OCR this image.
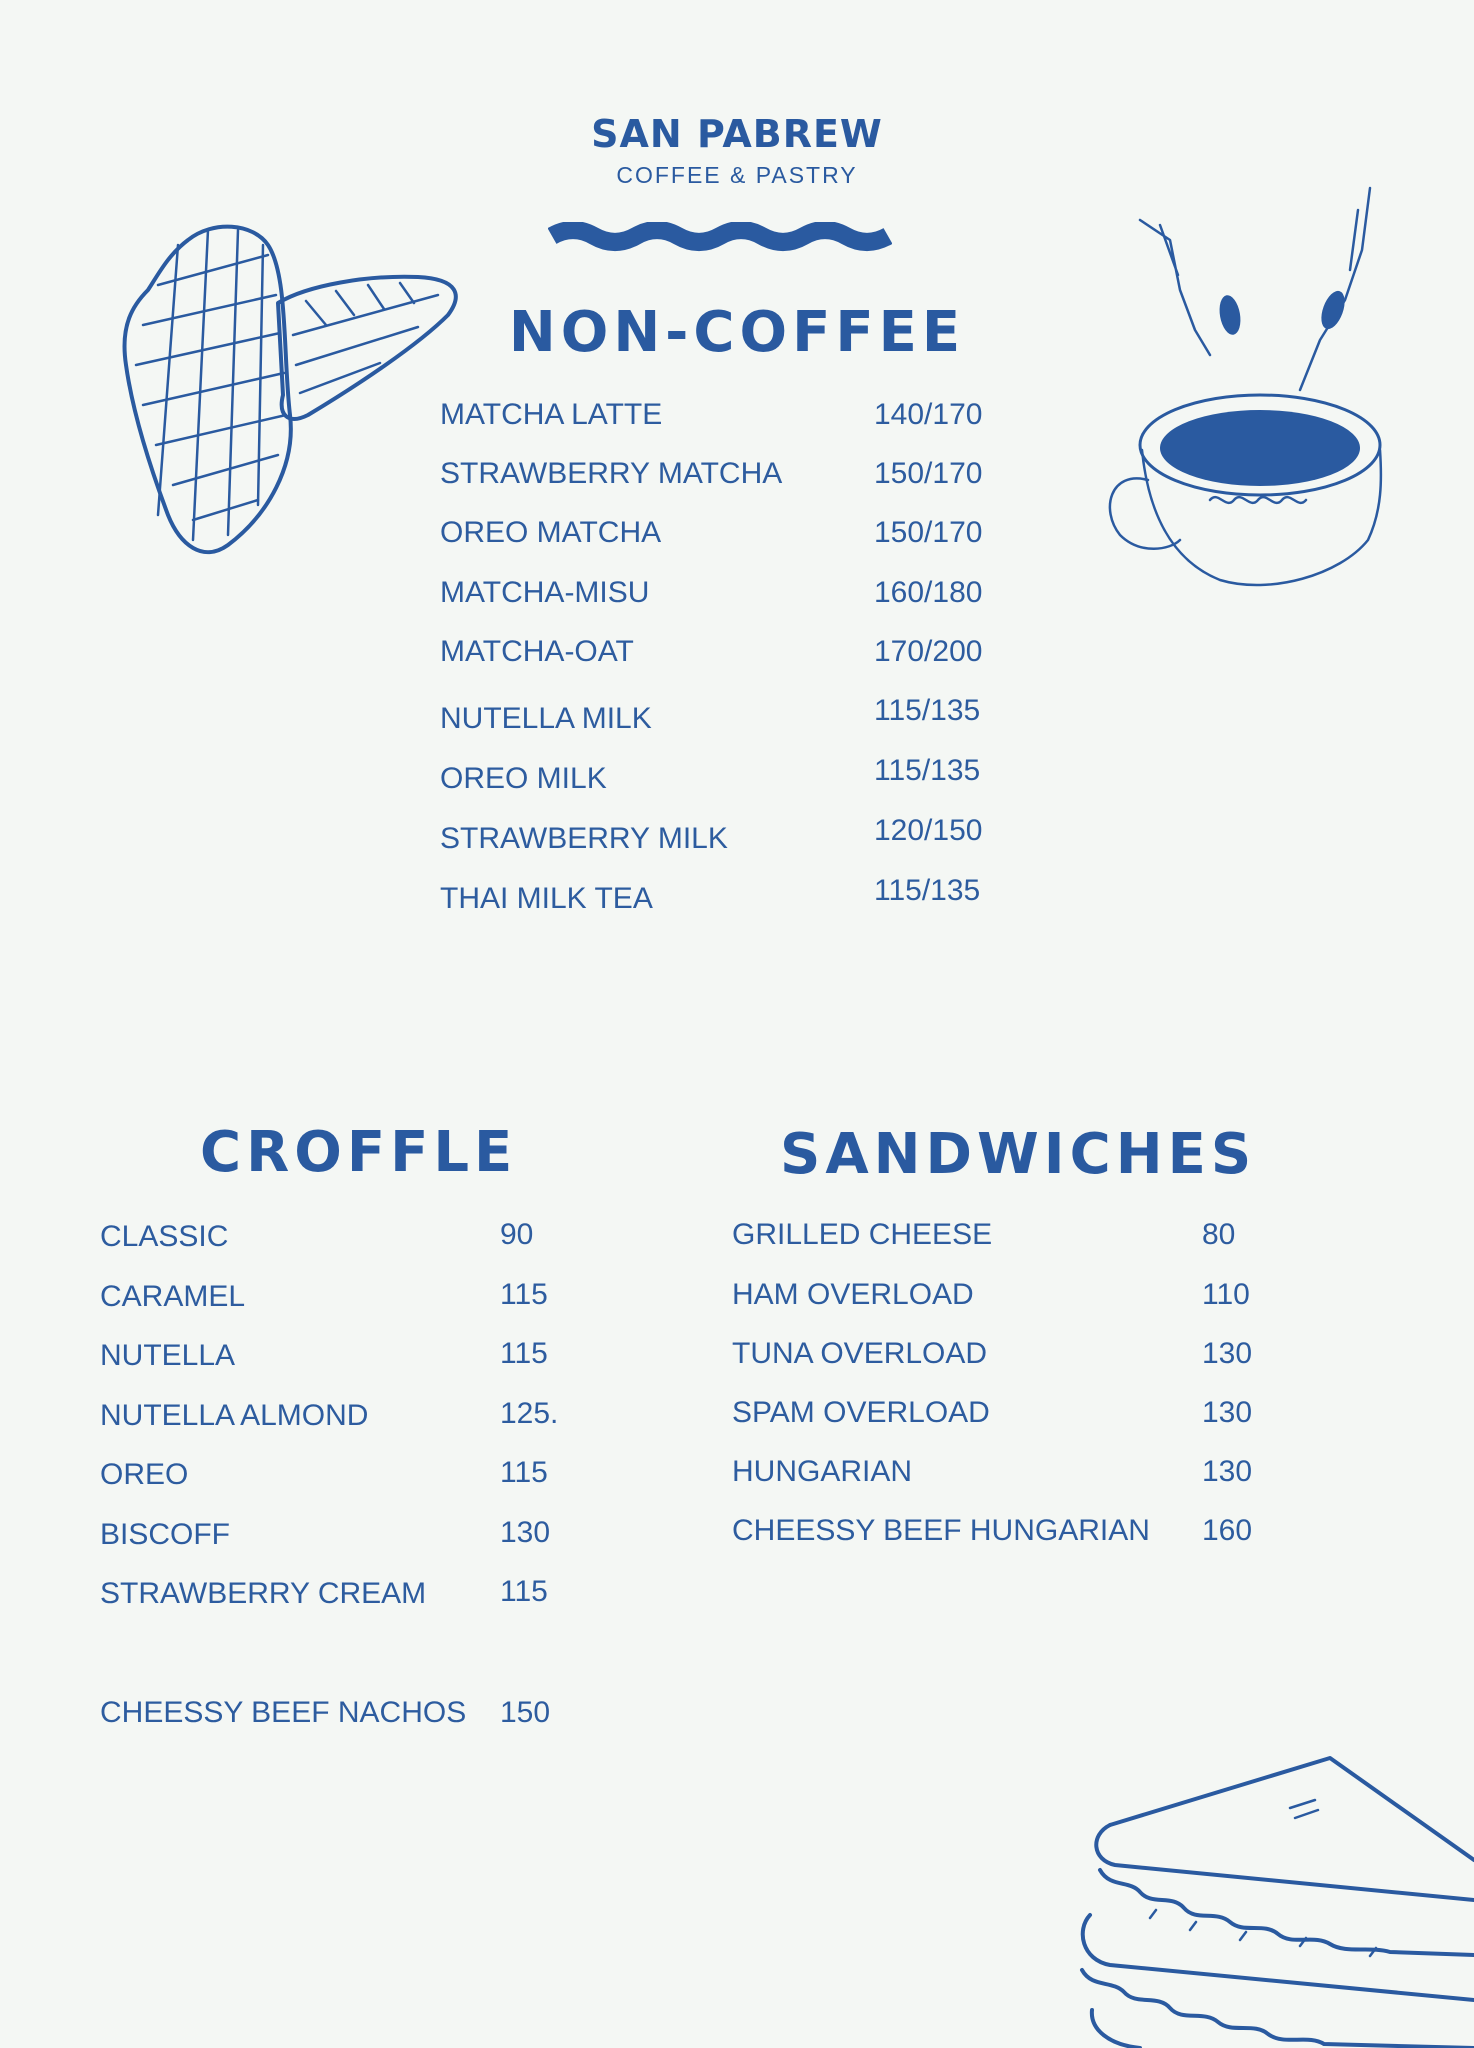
SAN PABREW
COFFEE & PASTRY
NON-COFFEE
MATCHA LATTE	140/170
STRAWBERRY MATCHA	150/170
OREO MATCHA	150/170
MATCHA-MISU	160/180
MATCHA-OAT	170/200
NUTELLA MILK	115/135
OREO MILK	115/135
STRAWBERRY MILK	120/150
THAI MILK TEA	115/135
CROFFLE
CLASSIC	90
CARAMEL	115
NUTELLA	115
NUTELLA ALMOND	125.
OREO	115
BISCOFF	130
STRAWBERRY CREAM 115
CHEESSY BEEF NACHOS 150
SANDWICHES
GRILLED CHEESE	80
HAM OVERLOAD	110
TUNA OVERLOAD	130
SPAM OVERLOAD	130
HUNGARIAN	130
CHEESSY BEEF HUNGARIAN 160
